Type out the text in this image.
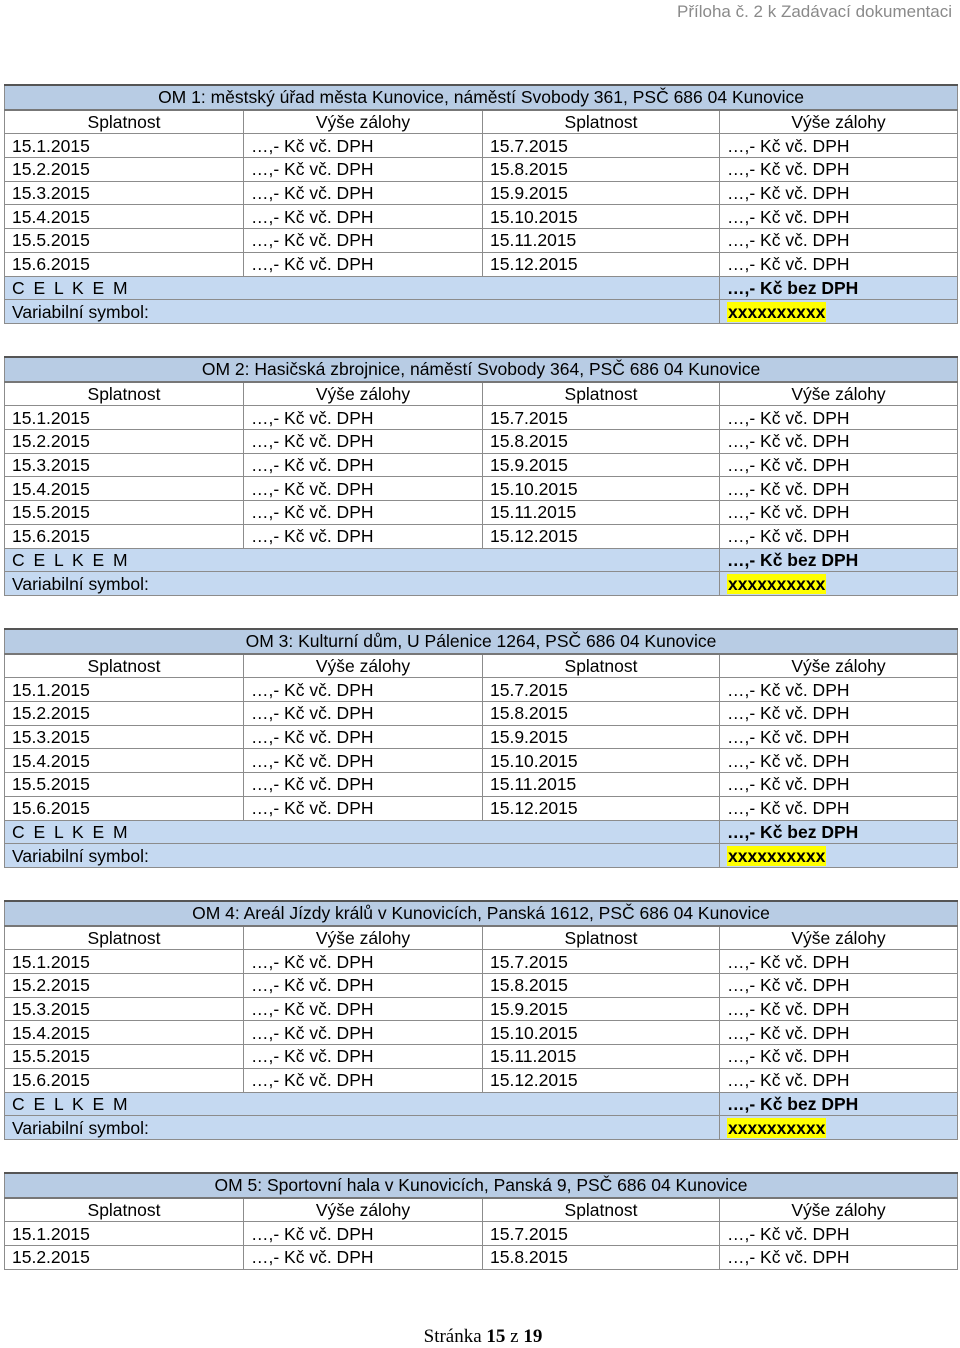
Příloha č. 2 k Zadávací dokumentaci
OM 1: městský úřad města Kunovice, náměstí Svobody 361, PSČ 686 04 Kunovice			
Splatnost	Výše zálohy	Splatnost	Výše zálohy
15.1.2015	…,- Kč vč. DPH	15.7.2015	…,- Kč vč. DPH
15.2.2015	…,- Kč vč. DPH	15.8.2015	…,- Kč vč. DPH
15.3.2015	…,- Kč vč. DPH	15.9.2015	…,- Kč vč. DPH
15.4.2015	…,- Kč vč. DPH	15.10.2015	…,- Kč vč. DPH
15.5.2015	…,- Kč vč. DPH	15.11.2015	…,- Kč vč. DPH
15.6.2015	…,- Kč vč. DPH	15.12.2015	…,- Kč vč. DPH
C E L K E M			…,- Kč bez DPH
Variabilní symbol:			xxxxxxxxxx
OM 2: Hasičská zbrojnice, náměstí Svobody 364, PSČ 686 04 Kunovice			
Splatnost	Výše zálohy	Splatnost	Výše zálohy
15.1.2015	…,- Kč vč. DPH	15.7.2015	…,- Kč vč. DPH
15.2.2015	…,- Kč vč. DPH	15.8.2015	…,- Kč vč. DPH
15.3.2015	…,- Kč vč. DPH	15.9.2015	…,- Kč vč. DPH
15.4.2015	…,- Kč vč. DPH	15.10.2015	…,- Kč vč. DPH
15.5.2015	…,- Kč vč. DPH	15.11.2015	…,- Kč vč. DPH
15.6.2015	…,- Kč vč. DPH	15.12.2015	…,- Kč vč. DPH
C E L K E M			…,- Kč bez DPH
Variabilní symbol:			xxxxxxxxxx
OM 3: Kulturní dům, U Pálenice 1264, PSČ 686 04 Kunovice			
Splatnost	Výše zálohy	Splatnost	Výše zálohy
15.1.2015	…,- Kč vč. DPH	15.7.2015	…,- Kč vč. DPH
15.2.2015	…,- Kč vč. DPH	15.8.2015	…,- Kč vč. DPH
15.3.2015	…,- Kč vč. DPH	15.9.2015	…,- Kč vč. DPH
15.4.2015	…,- Kč vč. DPH	15.10.2015	…,- Kč vč. DPH
15.5.2015	…,- Kč vč. DPH	15.11.2015	…,- Kč vč. DPH
15.6.2015	…,- Kč vč. DPH	15.12.2015	…,- Kč vč. DPH
C E L K E M			…,- Kč bez DPH
Variabilní symbol:			xxxxxxxxxx
OM 4: Areál Jízdy králů v Kunovicích, Panská 1612, PSČ 686 04 Kunovice			
Splatnost	Výše zálohy	Splatnost	Výše zálohy
15.1.2015	…,- Kč vč. DPH	15.7.2015	…,- Kč vč. DPH
15.2.2015	…,- Kč vč. DPH	15.8.2015	…,- Kč vč. DPH
15.3.2015	…,- Kč vč. DPH	15.9.2015	…,- Kč vč. DPH
15.4.2015	…,- Kč vč. DPH	15.10.2015	…,- Kč vč. DPH
15.5.2015	…,- Kč vč. DPH	15.11.2015	…,- Kč vč. DPH
15.6.2015	…,- Kč vč. DPH	15.12.2015	…,- Kč vč. DPH
C E L K E M			…,- Kč bez DPH
Variabilní symbol:			xxxxxxxxxx
OM 5: Sportovní hala v Kunovicích, Panská 9, PSČ 686 04 Kunovice			
Splatnost	Výše zálohy	Splatnost	Výše zálohy
15.1.2015	…,- Kč vč. DPH	15.7.2015	…,- Kč vč. DPH
15.2.2015	…,- Kč vč. DPH	15.8.2015	…,- Kč vč. DPH
Stránka 15 z 19
